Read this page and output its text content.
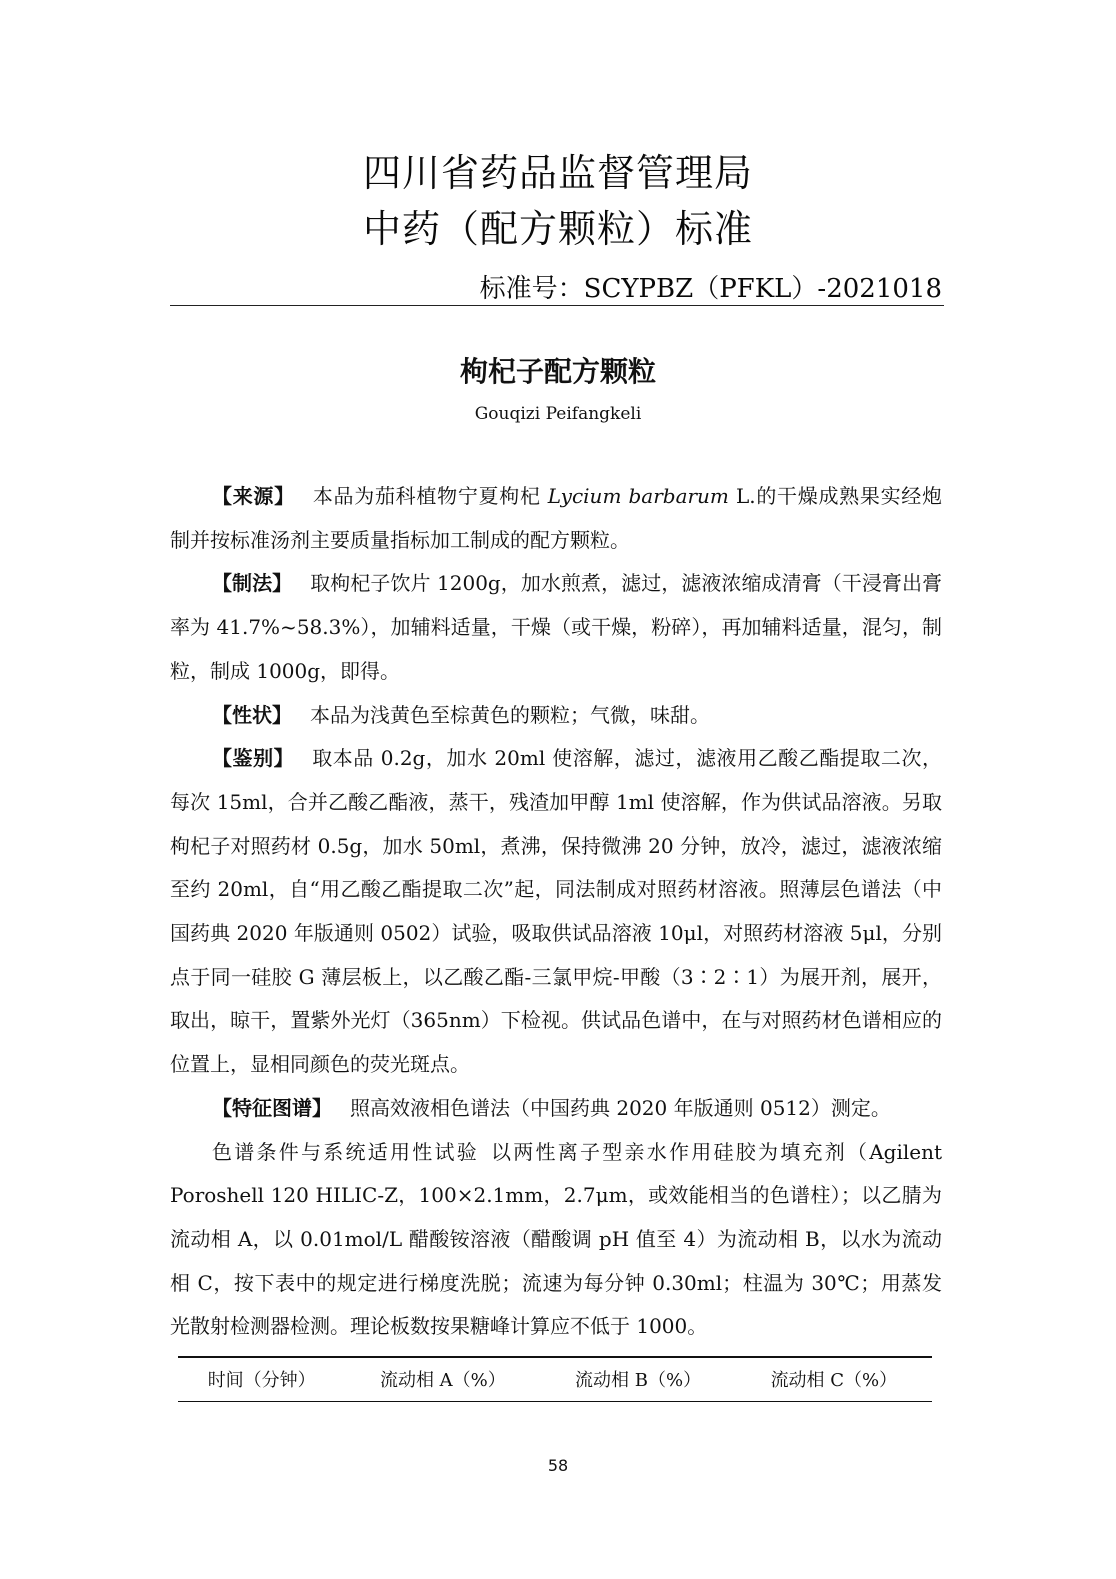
四川省药品监督管理局
中药（配方颗粒）标准
标准号：SCYPBZ（PFKL）-2021018
枸杞子配方颗粒
Gouqizi Peifangkeli

【来源】 本品为茄科植物宁夏枸杞 Lycium barbarum L.的干燥成熟果实经炮制并按标准汤剂主要质量指标加工制成的配方颗粒。

【制法】 取枸杞子饮片 1200g，加水煎煮，滤过，滤液浓缩成清膏（干浸膏出膏率为 41.7%~58.3%），加辅料适量，干燥（或干燥，粉碎），再加辅料适量，混匀，制粒，制成 1000g，即得。

【性状】 本品为浅黄色至棕黄色的颗粒；气微，味甜。

【鉴别】 取本品 0.2g，加水 20ml 使溶解，滤过，滤液用乙酸乙酯提取二次，每次 15ml，合并乙酸乙酯液，蒸干，残渣加甲醇 1ml 使溶解，作为供试品溶液。另取枸杞子对照药材 0.5g，加水 50ml，煮沸，保持微沸 20 分钟，放冷，滤过，滤液浓缩至约 20ml，自“用乙酸乙酯提取二次”起，同法制成对照药材溶液。照薄层色谱法（中国药典 2020 年版通则 0502）试验，吸取供试品溶液 10μl，对照药材溶液 5μl，分别点于同一硅胶 G 薄层板上，以乙酸乙酯-三氯甲烷-甲酸（3∶2∶1）为展开剂，展开，取出，晾干，置紫外光灯（365nm）下检视。供试品色谱中，在与对照药材色谱相应的位置上，显相同颜色的荧光斑点。

【特征图谱】 照高效液相色谱法（中国药典 2020 年版通则 0512）测定。

色谱条件与系统适用性试验 以两性离子型亲水作用硅胶为填充剂（Agilent Poroshell 120 HILIC-Z，100×2.1mm，2.7μm，或效能相当的色谱柱）；以乙腈为流动相 A，以 0.01mol/L 醋酸铵溶液（醋酸调 pH 值至 4）为流动相 B，以水为流动相 C，按下表中的规定进行梯度洗脱；流速为每分钟 0.30ml；柱温为 30℃；用蒸发光散射检测器检测。理论板数按果糖峰计算应不低于 1000。

时间（分钟）	流动相 A（%）	流动相 B（%）	流动相 C（%）
58
